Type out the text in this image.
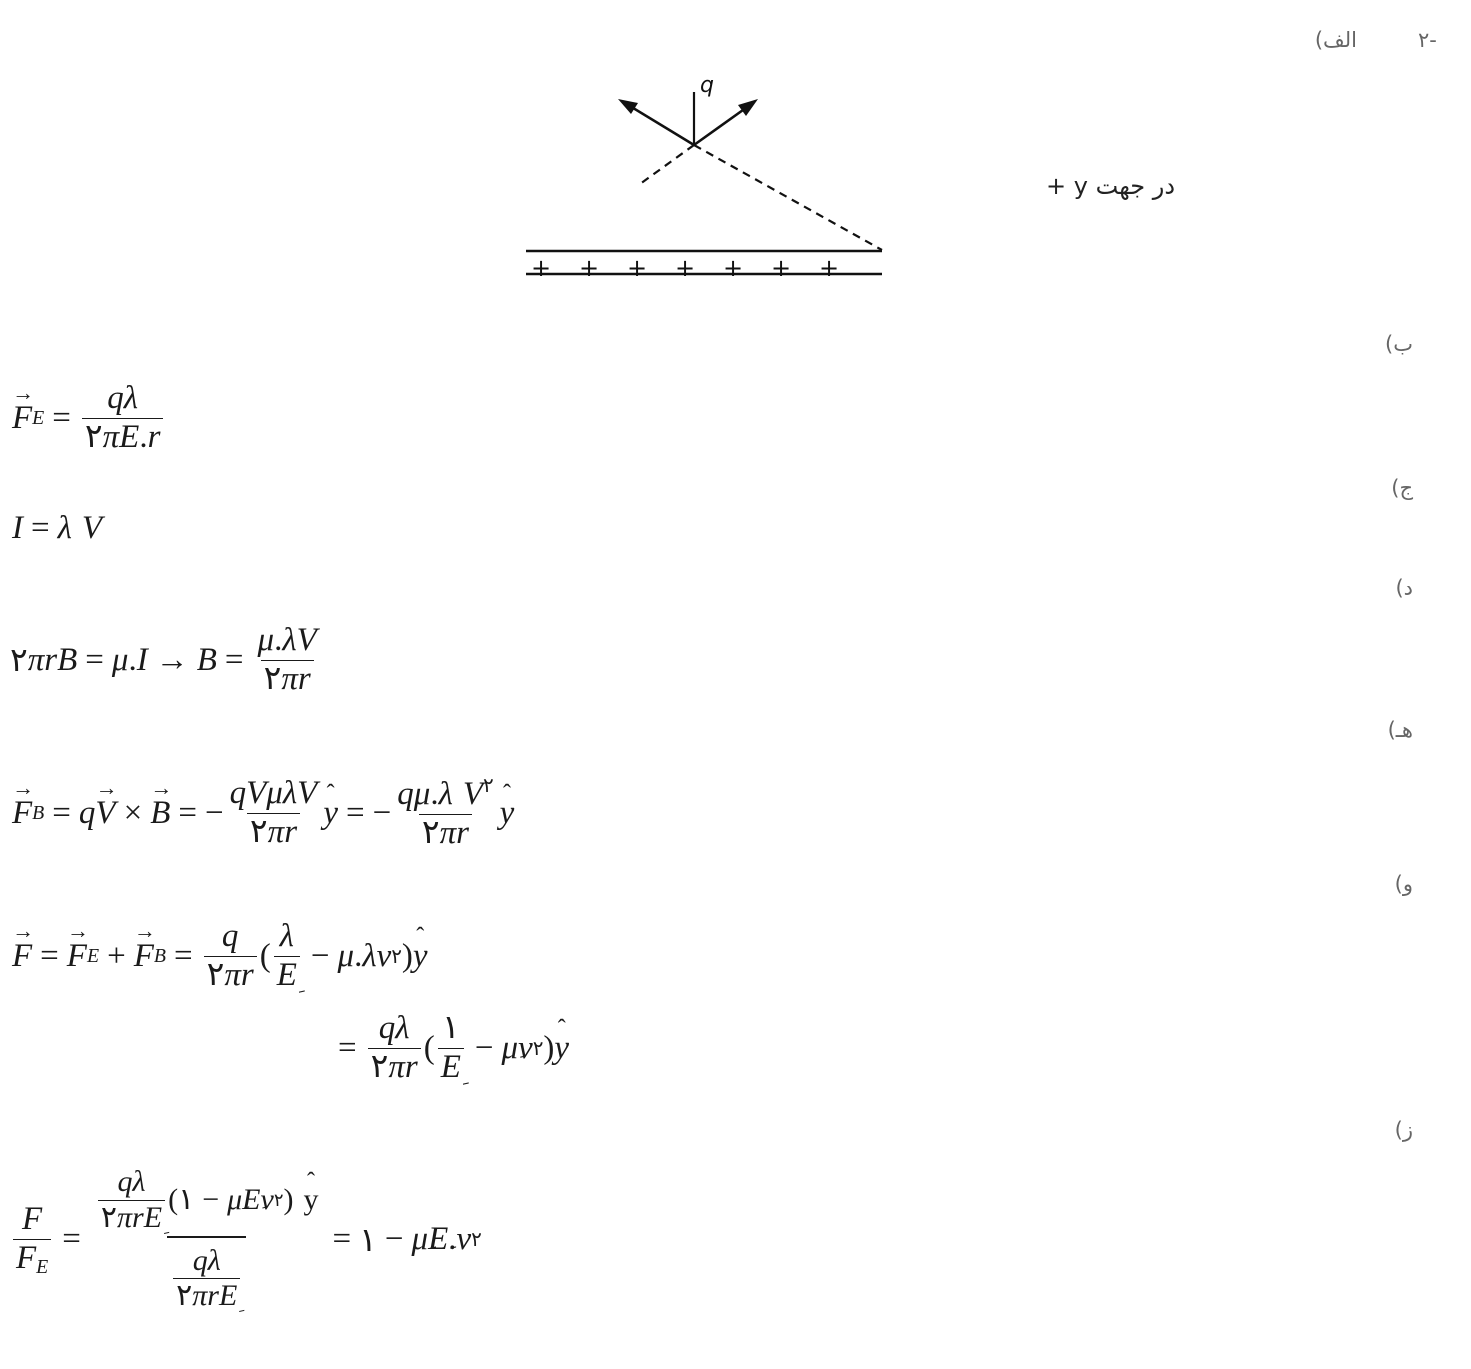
۲-
الف)
q
+ + + + + + +
در جهت y +
ب)
→ F $E = \frac{q\lambda}{۲\pi E.r}$
ج)
I = λ V
د)
۲ π r B = μ . $I \to B = \frac{\mu.\lambda V}{۲\pi r}$
هـ)
→ F B = q → V × → B = − $\frac{\text{qVμλV}}{۲\pi r}$ ˆ y = − $\frac{q\mu.\lambda V^۲}{۲\pi r}$ ˆ y
و)
→ F = → F E + → F $B = \frac{q}{۲\pi r}$ ( $\frac{\lambda}{E} - \mu$ . λ v ۲ ) ˆ y
= $\frac{q\lambda}{۲\pi r}$ ( $\frac{۱}{E} - \mu$ v ۲ ) ˆ y
ز)
$\frac{F}{F_E}$ =
$\frac{q\lambda}{\text{۲πrE}}$ ( ۱ − μ E v ۲ ) ˆ y
$\frac{q\lambda}{\text{۲πrE}}$
= ۱ − μ E . v ۲
